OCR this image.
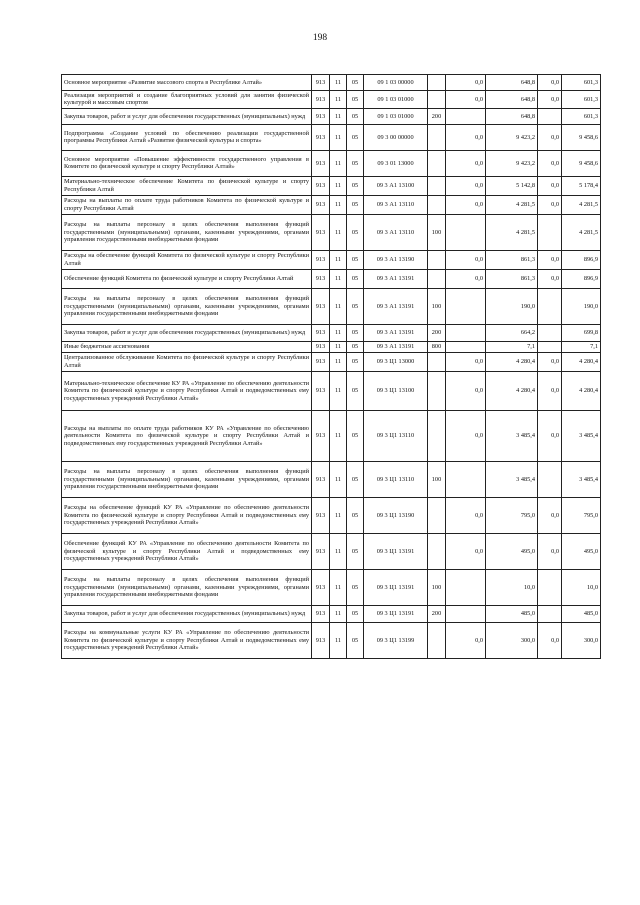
198
Основное мероприятие «Развитие массового спорта в Республике Алтай»	913	11	05	09 1 03 00000		0,0	648,8	0,0	601,3
Реализация мероприятий и создание благоприятных условий для занятия физической культурой и массовым спортом	913	11	05	09 1 03 01000		0,0	648,8	0,0	601,3
Закупка товаров, работ и услуг для обеспечения государственных (муниципальных) нужд	913	11	05	09 1 03 01000	200		648,8		601,3
Подпрограмма «Создание условий по обеспечению реализации государственной программы Республики Алтай «Развитие физической культуры и спорта»	913	11	05	09 3 00 00000		0,0	9 423,2	0,0	9 458,6
Основное мероприятие «Повышение эффективности государственного управления в Комитете по физической культуре и спорту Республики Алтай»	913	11	05	09 3 01 13000		0,0	9 423,2	0,0	9 458,6
Материально-техническое обеспечение Комитета по физической культуре и спорту Республики Алтай	913	11	05	09 3 А1 13100		0,0	5 142,8	0,0	5 178,4
Расходы на выплаты по оплате труда работников Комитета по физической культуре и спорту Республики Алтай	913	11	05	09 3 А1 13110		0,0	4 281,5	0,0	4 281,5
Расходы на выплаты персоналу в целях обеспечения выполнения функций государственными (муниципальными) органами, казенными учреждениями, органами управления государственными внебюджетными фондами	913	11	05	09 3 А1 13110	100		4 281,5		4 281,5
Расходы на обеспечение функций Комитета по физической культуре и спорту Республики Алтай	913	11	05	09 3 А1 13190		0,0	861,3	0,0	896,9
Обеспечение функций Комитета по физической культуре и спорту Республики Алтай	913	11	05	09 3 А1 13191		0,0	861,3	0,0	896,9
Расходы на выплаты персоналу в целях обеспечения выполнения функций государственными (муниципальными) органами, казенными учреждениями, органами управления государственными внебюджетными фондами	913	11	05	09 3 А1 13191	100		190,0		190,0
Закупка товаров, работ и услуг для обеспечения государственных (муниципальных) нужд	913	11	05	09 3 А1 13191	200		664,2		699,8
Иные бюджетные ассигнования	913	11	05	09 3 А1 13191	800		7,1		7,1
Централизованное обслуживание Комитета по физической культуре и спорту Республики Алтай	913	11	05	09 3 Ц1 13000		0,0	4 280,4	0,0	4 280,4
Материально-техническое обеспечение КУ РА «Управление по обеспечению деятельности Комитета по физической культуре и спорту Республики Алтай и подведомственных ему государственных учреждений Республики Алтай»	913	11	05	09 3 Ц1 13100		0,0	4 280,4	0,0	4 280,4
Расходы на выплаты по оплате труда работников КУ РА «Управление по обеспечению деятельности Комитета по физической культуре и спорту Республики Алтай и подведомственных ему государственных учреждений Республики Алтай»	913	11	05	09 3 Ц1 13110		0,0	3 485,4	0,0	3 485,4
Расходы на выплаты персоналу в целях обеспечения выполнения функций государственными (муниципальными) органами, казенными учреждениями, органами управления государственными внебюджетными фондами	913	11	05	09 3 Ц1 13110	100		3 485,4		3 485,4
Расходы на обеспечение функций КУ РА «Управление по обеспечению деятельности Комитета по физической культуре и спорту Республики Алтай и подведомственных ему государственных учреждений Республики Алтай»	913	11	05	09 3 Ц1 13190		0,0	795,0	0,0	795,0
Обеспечение функций КУ РА «Управление по обеспечению деятельности Комитета по физической культуре и спорту Республики Алтай и подведомственных ему государственных учреждений Республики Алтай»	913	11	05	09 3 Ц1 13191		0,0	495,0	0,0	495,0
Расходы на выплаты персоналу в целях обеспечения выполнения функций государственными (муниципальными) органами, казенными учреждениями, органами управления государственными внебюджетными фондами	913	11	05	09 3 Ц1 13191	100		10,0		10,0
Закупка товаров, работ и услуг для обеспечения государственных (муниципальных) нужд	913	11	05	09 3 Ц1 13191	200		485,0		485,0
Расходы на коммунальные услуги КУ РА «Управление по обеспечению деятельности Комитета по физической культуре и спорту Республики Алтай и подведомственных ему государственных учреждений Республики Алтай»	913	11	05	09 3 Ц1 13199		0,0	300,0	0,0	300,0
